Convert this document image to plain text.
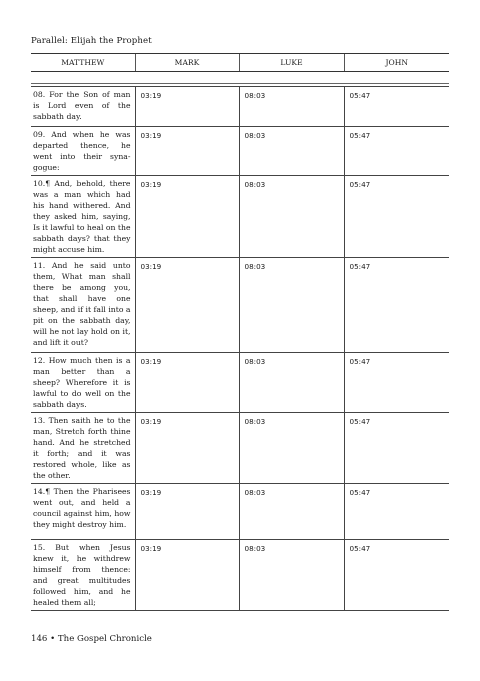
Parallel: Elijah the Prophet
MATTHEW	MARK	LUKE	JOHN
08. For the Son of man is Lord even of the sabbath day.	03:19	08:03	05:47
09. And when he was departed thence, he went into their synagogue:	03:19	08:03	05:47
10.¶ And, behold, there was a man which had his hand withered. And they asked him, saying, Is it lawful to heal on the sabbath days? that they might accuse him.	03:19	08:03	05:47
11. And he said unto them, What man shall there be among you, that shall have one sheep, and if it fall into a pit on the sabbath day, will he not lay hold on it, and lift it out?	03:19	08:03	05:47
12. How much then is a man better than a sheep? Wherefore it is lawful to do well on the sabbath days.	03:19	08:03	05:47
13. Then saith he to the man, Stretch forth thine hand. And he stretched it forth; and it was restored whole, like as the other.	03:19	08:03	05:47
14.¶ Then the Pharisees went out, and held a council against him, how they might destroy him.	03:19	08:03	05:47
15. But when Jesus knew it, he withdrew himself from thence: and great multitudes followed him, and he healed them all;	03:19	08:03	05:47
146 • The Gospel Chronicle
